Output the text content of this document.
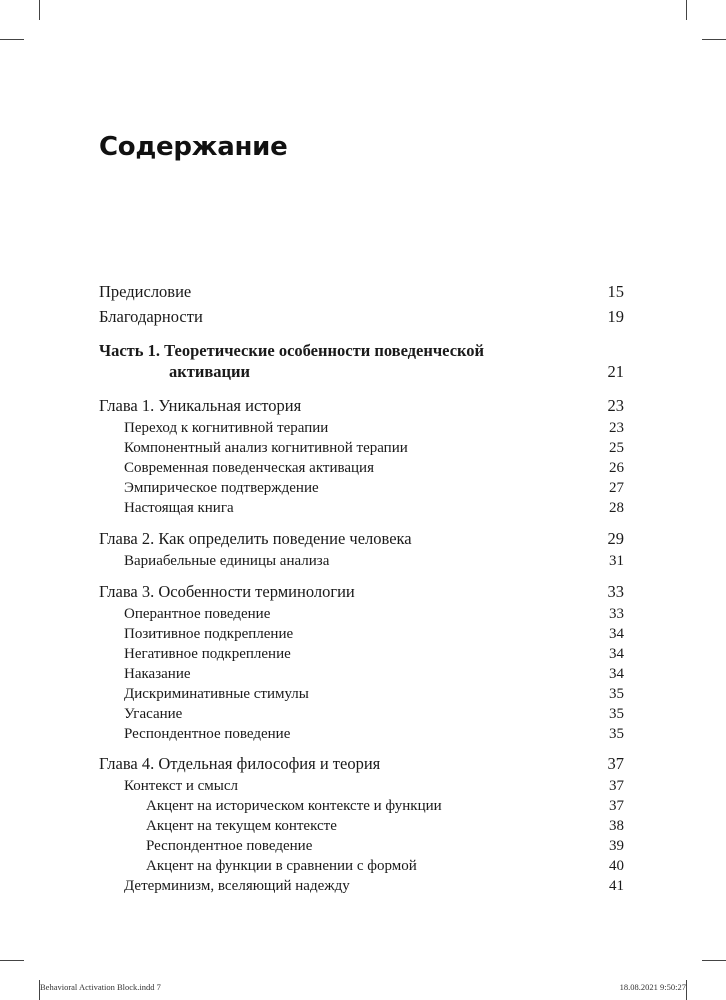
Содержание
Предисловие	15
Благодарности	19
Часть 1. Теоретические особенности поведенческой
активации	21
Глава 1. Уникальная история	23
Переход к когнитивной терапии	23
Компонентный анализ когнитивной терапии	25
Современная поведенческая активация	26
Эмпирическое подтверждение	27
Настоящая книга	28
Глава 2. Как определить поведение человека	29
Вариабельные единицы анализа	31
Глава 3. Особенности терминологии	33
Оперантное поведение	33
Позитивное подкрепление	34
Негативное подкрепление	34
Наказание	34
Дискриминативные стимулы	35
Угасание	35
Респондентное поведение	35
Глава 4. Отдельная философия и теория	37
Контекст и смысл	37
Акцент на историческом контексте и функции	37
Акцент на текущем контексте	38
Респондентное поведение	39
Акцент на функции в сравнении с формой	40
Детерминизм, вселяющий надежду	41
Behavioral Activation Block.indd 7	18.08.2021 9:50:27
